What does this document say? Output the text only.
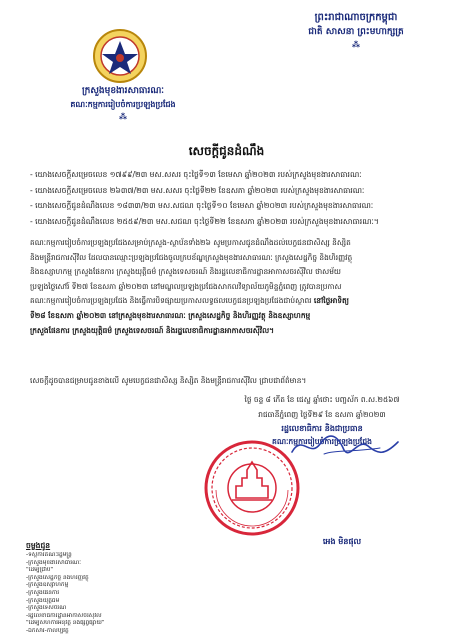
ព្រះរាជាណាចក្រកម្ពុជា
ជាតិ សាសនា ព្រះមហាក្សត្រ
⁂
ក្រសួងមុខងារសាធារណៈ
គណៈកម្មការរៀបចំការប្រឡងប្រជែង
⁂
សេចក្ដីជូនដំណឹង
- យោងសេចក្ដីសម្រេចលេខ ១៧៩៩/២៣ មស.សសរ ចុះថ្ងៃទី១៣ ខែមេសា ឆ្នាំ២០២៣ របស់ក្រសួងមុខងារសាធារណៈ
- យោងសេចក្ដីសម្រេចលេខ ២៦៣៧/២៣ មស.សសរ ចុះថ្ងៃទី២២ ខែឧសភា ឆ្នាំ២០២៣ របស់ក្រសួងមុខងារសាធារណៈ
- យោងសេចក្ដីជូនដំណឹងលេខ ១៨៣៣/២៣ មស.សជណ ចុះថ្ងៃទី១០ ខែមេសា ឆ្នាំ២០២៣ របស់ក្រសួងមុខងារសាធារណៈ
- យោងសេចក្ដីជូនដំណឹងលេខ ២៥៥៩/២៣ មស.សជណ ចុះថ្ងៃទី២២ ខែឧសភា ឆ្នាំ២០២៣ របស់ក្រសួងមុខងារសាធារណៈ។
គណៈកម្មការរៀបចំការប្រឡងប្រជែងសម្រាប់ក្រសួង-ស្ថាប័នទាំង២៦ សូមប្រកាសជូនដំណឹងដល់បេក្ខជនជាសិស្ស និស្សិត
និងមន្ត្រីរាជការស៊ីវិល ដែលបានឈ្មោះប្រឡងប្រជែងចូលក្របខ័ណ្ឌក្រសួងមុខងារសាធារណៈ ក្រសួងសេដ្ឋកិច្ច និងហិរញ្ញវត្ថុ
និងឧស្សាហកម្ម ក្រសួងផែនការ ក្រសួងយុត្តិធម៌ ក្រសួងទេសចរណ៍ និងរដ្ឋលេខាធិការដ្ឋានអាកាសចរស៊ីវិល ថាសម័យ
ប្រឡងថ្ងៃសៅរ៍ ទី២៧ ខែឧសភា ឆ្នាំ២០២៣ នៅមណ្ឌលប្រឡងប្រជែងសាកលវិទ្យាល័យភូមិន្ទភ្នំពេញ ត្រូវបានប្រកាស
គណៈកម្មការរៀបចំការប្រឡងប្រជែង និងធ្វើការបិទផ្សាយប្រកាសលទ្ធផលបេក្ខជនប្រឡងប្រជែងជាប់ស្ថាពរ នៅថ្ងៃអាទិត្យ
ទី២៨ ខែឧសភា ឆ្នាំ២០២៣ នៅក្រសួងមុខងារសាធារណៈ ក្រសួងសេដ្ឋកិច្ច និងហិរញ្ញវត្ថុ និងឧស្សាហកម្ម
ក្រសួងផែនការ ក្រសួងយុត្តិធម៌ ក្រសួងទេសចរណ៍ និងរដ្ឋលេខាធិការដ្ឋានអាកាសចរស៊ីវិល។
សេចក្ដីដូចបានជម្រាបជូនខាងលើ សូមបេក្ខជនជាសិស្ស និស្សិត និងមន្ត្រីរាជការស៊ីវិល ជ្រាបជាព័ត៌មាន។
ថ្ងៃ ចន្ទ ៨ កើត ខែ ជេស្ឋ ឆ្នាំថោះ បញ្ចស័ក ព.ស.២៥៦៧
រាជធានីភ្នំពេញ ថ្ងៃទី២៩ ខែ ឧសភា ឆ្នាំ២០២៣
រដ្ឋលេខាធិការ និងជាប្រធាន
គណៈកម្មការរៀបចំការប្រឡងប្រជែង
អេង មិនផុល
ចម្លងជូន
-ទីស្ដីការគណៈរដ្ឋមន្ត្រី
-ក្រសួងមុខងារសាធារណៈ
"ដើម្បីជ្រាប"
-ក្រសួងសេដ្ឋកិច្ច និងហិរញ្ញវត្ថុ
-ក្រសួងឧស្សាហកម្ម
-ក្រសួងផែនការ
-ក្រសួងយុត្តិធម៌
-ក្រសួងទេសចរណ៍
-រដ្ឋលេខាធិការដ្ឋានអាកាសចរស៊ីវិល
"ដើម្បីសហការអនុវត្ត និងផ្សព្វផ្សាយ"
-ឯកសារ-កាលប្បវត្តិ
